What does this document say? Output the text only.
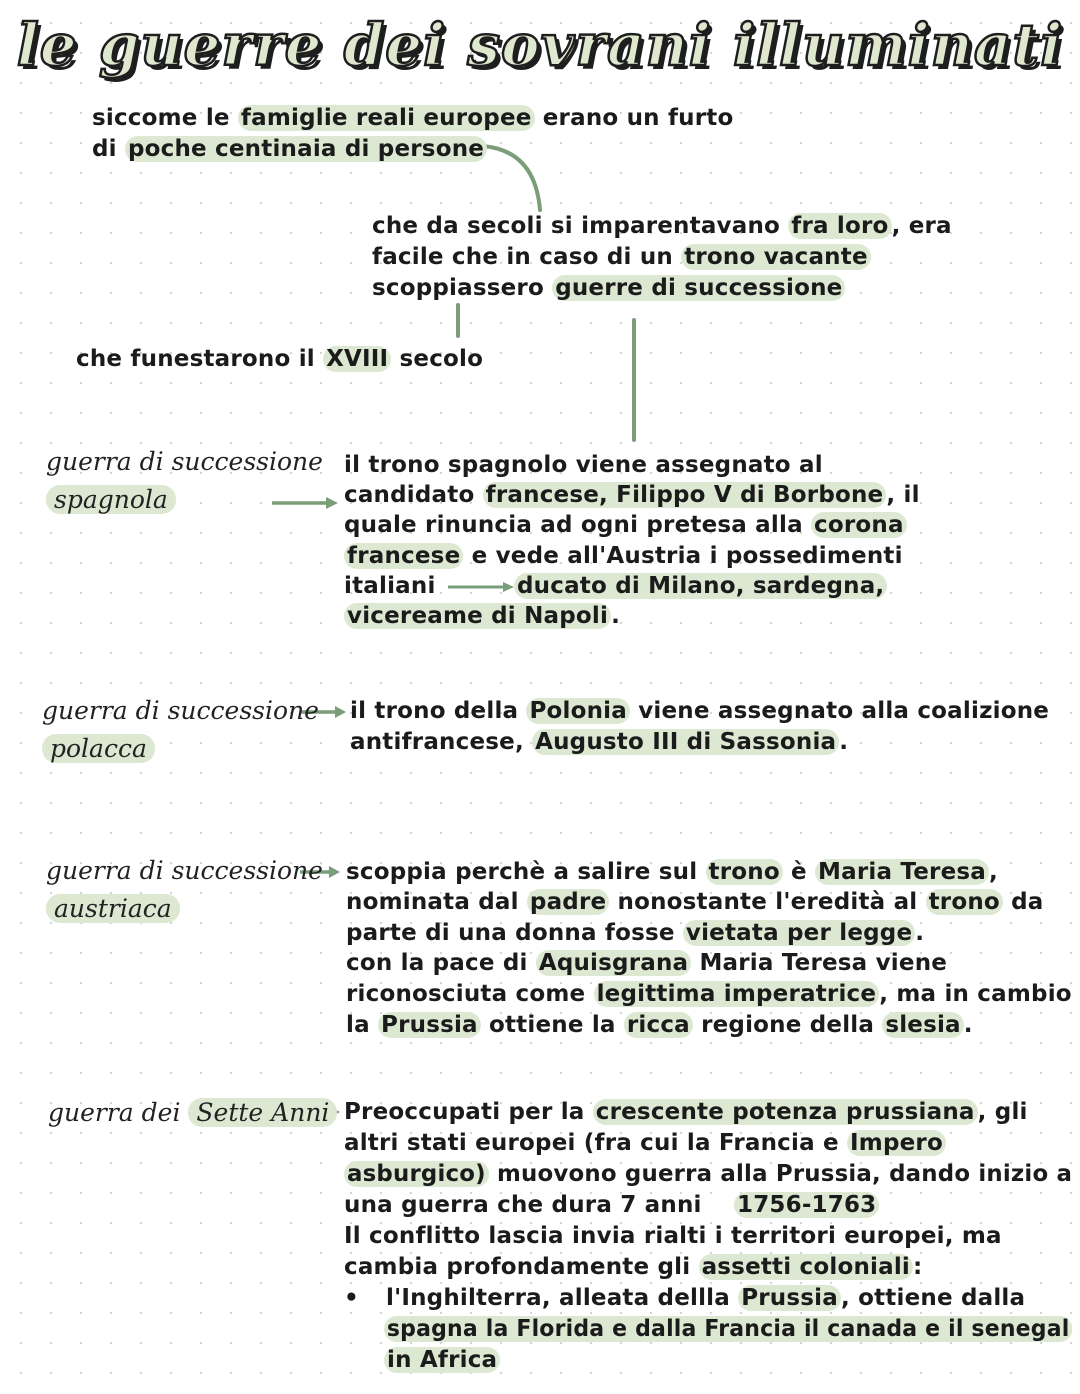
le guerre dei sovrani illuminati
siccome le famiglie reali europee erano un furto
di poche centinaia di persone
che da secoli si imparentavano fra loro , era
facile che in caso di un trono vacante
scoppiassero guerre di successione
che funestarono il XVIII secolo
guerra di successione
spagnola
il trono spagnolo viene assegnato al
candidato francese, Filippo V di Borbone , il
quale rinuncia ad ogni pretesa alla corona
francese e vede all'Austria i possedimenti
italiani	ducato di Milano, sardegna,
vicereame di Napoli .
guerra di successione
polacca
il trono della Polonia viene assegnato alla coalizione
antifrancese, Augusto III di Sassonia .
guerra di successione
austriaca
scoppia perchè a salire sul trono è Maria Teresa ,
nominata dal padre nonostante l'eredità al trono da
parte di una donna fosse vietata per legge .
con la pace di Aquisgrana Maria Teresa viene
riconosciuta come legittima imperatrice , ma in cambio
la Prussia ottiene la ricca regione della slesia .
guerra dei Sette Anni Preoccupati per la crescente potenza prussiana , gli
altri stati europei (fra cui la Francia e Impero
asburgico) muovono guerra alla Prussia, dando inizio a
una guerra che dura 7 anni 1756-1763
Il conflitto lascia invia rialti i territori europei, ma
cambia profondamente gli assetti coloniali :
• l'Inghilterra, alleata dellla Prussia , ottiene dalla
spagna la Florida e dalla Francia il canada e il senegal
in Africa
